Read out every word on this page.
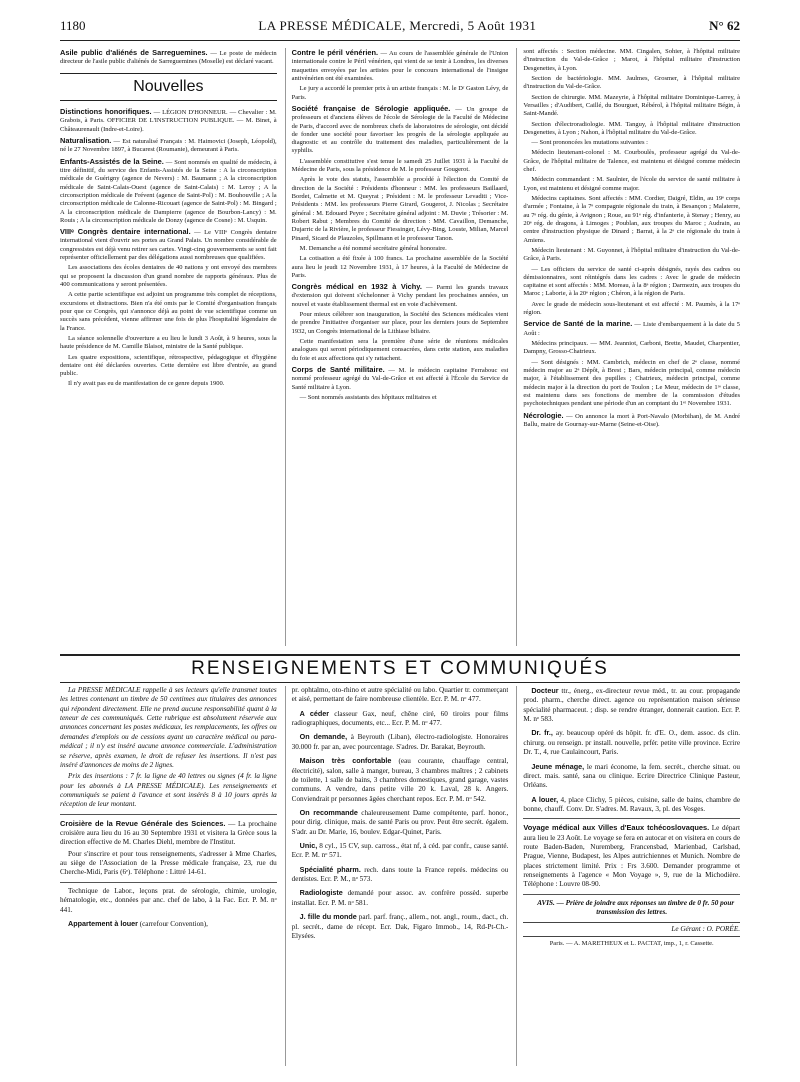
1180	LA PRESSE MÉDICALE, Mercredi, 5 Août 1931	N° 62

Asile public d'aliénés de Sarreguemines. — Le poste de médecin directeur de l'asile public d'aliénés de Sarreguemines (Moselle) est déclaré vacant.

Nouvelles

Distinctions honorifiques. — LÉGION D'HONNEUR. — Chevalier : M. Grabois, à Paris. OFFICIER DE L'INSTRUCTION PUBLIQUE. — M. Binet, à Châteaurenault (Indre-et-Loire).

Naturalisation. — Est naturalisé Français : M. Haimovici (Joseph, Léopold), né le 27 Novembre 1897, à Bucarest (Roumanie), demeurant à Paris.

Enfants-Assistés de la Seine. — Sont nommés en qualité de médecin, à titre définitif, du service des Enfants-Assistés de la Seine : A la circonscription médicale de Guérigny (agence de Nevers) : M. Baumann ; A la circonscription médicale de Saint-Calais-Ouest (agence de Saint-Calais) : M. Leroy ; A la circonscription médicale de Frévent (agence de Saint-Pol) : M. Bouhouville ; A la circonscription médicale de Calonne-Ricouart (agence de Saint-Pol) : M. Bingard ; A la circonscription médicale de Dampierre (agence de Bourbon-Lancy) : M. Rouis ; A la circonscription médicale de Donzy (agence de Cosne) : M. Usquin.

VIIIᵉ Congrès dentaire international. — Le VIIIᵉ Congrès dentaire international vient d'ouvrir ses portes au Grand Palais. Un nombre considérable de congressistes est déjà venu retirer ses cartes. Vingt-cinq gouvernements se sont fait représenter officiellement par des délégations aussi nombreuses que qualifiées.

Les associations des écoles dentaires de 40 nations y ont envoyé des membres qui se proposent la discussion d'un grand nombre de rapports généraux. Plus de 400 communications y seront présentées.

A cette partie scientifique est adjoint un programme très complet de réceptions, excursions et distractions. Bien n'a été omis par le Comité d'organisation français pour que ce Congrès, qui s'annonce déjà au point de vue scientifique comme un succès sans précédent, vienne affirmer une fois de plus l'hospitalité légendaire de la France.

La séance solennelle d'ouverture a eu lieu le lundi 3 Août, à 9 heures, sous la haute présidence de M. Camille Blaisot, ministre de la Santé publique.

Les quatre expositions, scientifique, rétrospective, pédagogique et d'hygiène dentaire ont été déclarées ouvertes. Cette dernière est libre d'entrée, au grand public.

Il n'y avait pas eu de manifestation de ce genre depuis 1900.

Contre le péril vénérien. — Au cours de l'assemblée générale de l'Union internationale contre le Péril vénérien, qui vient de se tenir à Londres, les diverses maquettes envoyées par les artistes pour le concours international de l'insigne antivénérien ont été examinées.

Le jury a accordé le premier prix à un artiste français : M. le Dʳ Gaston Lévy, de Paris.

Société française de Sérologie appliquée. — Un groupe de professeurs et d'anciens élèves de l'école de Sérologie de la Faculté de Médecine de Paris, d'accord avec de nombreux chefs de laboratoires de sérologie, ont décidé de fonder une société pour favoriser les progrès de la sérologie appliquée au diagnostic et au contrôle du traitement des maladies, particulièrement de la syphilis.

L'assemblée constitutive s'est tenue le samedi 25 Juillet 1931 à la Faculté de Médecine de Paris, sous la présidence de M. le professeur Gougerot.

Après le vote des statuts, l'assemblée a procédé à l'élection du Comité de direction de la Société : Présidents d'honneur : MM. les professeurs Baillaard, Bordet, Calmette et M. Queyrat ; Président : M. le professeur Levaditi ; Vice-Présidents : MM. les professeurs Pierre Girard, Gougerot, J. Nicolas ; Secrétaire général : M. Edouard Peyre ; Secrétaire général adjoint : M. Duvie ; Trésorier : M. Robert Rabut ; Membres du Comité de direction : MM. Cavaillon, Demanche, Dujarric de la Rivière, le professeur Fiessinger, Lévy-Bing, Louste, Milian, Marcel Pinard, Sicard de Plauzoles, Spillmann et le professeur Tanon.

M. Demanche a été nommé secrétaire général honoraire.

La cotisation a été fixée à 100 francs. La prochaine assemblée de la Société aura lieu le jeudi 12 Novembre 1931, à 17 heures, à la Faculté de Médecine de Paris.

Congrès médical en 1932 à Vichy. — Parmi les grands travaux d'extension qui doivent s'échelonner à Vichy pendant les prochaines années, un nouvel et vaste établissement thermal est en voie d'achèvement.

Pour mieux célébrer son inauguration, la Société des Sciences médicales vient de prendre l'initiative d'organiser sur place, pour les derniers jours de Septembre 1932, un Congrès international de la Lithiase biliaire.

Cette manifestation sera la première d'une série de réunions médicales analogues qui seront périodiquement consacrées, dans cette station, aux maladies du foie et aux affections qui s'y rattachent.

Corps de Santé militaire. — M. le médecin capitaine Ferrabouc est nommé professeur agrégé du Val-de-Grâce et est affecté à l'École du Service de Santé militaire à Lyon.

— Sont nommés assistants des hôpitaux militaires et

sont affectés : Section médecine. MM. Cingalen, Sohier, à l'hôpital militaire d'instruction du Val-de-Grâce ; Marot, à l'hôpital militaire d'instruction Desgenettes, à Lyon.

Section de bactériologie. MM. Jaulmes, Grosmer, à l'hôpital militaire d'instruction du Val-de-Grâce.

Section de chirurgie. MM. Mazeyrie, à l'hôpital militaire Dominique-Larrey, à Versailles ; d'Audibert, Caillé, du Bourguet, Rébérol, à l'hôpital militaire Bégin, à Saint-Mandé.

Section d'électroradiologie. MM. Tanguy, à l'hôpital militaire d'instruction Desgenettes, à Lyon ; Nahon, à l'hôpital militaire du Val-de-Grâce.

— Sont prononcées les mutations suivantes :

Médecin lieutenant-colonel : M. Courboulès, professeur agrégé du Val-de-Grâce, de l'hôpital militaire de Talence, est maintenu et désigné comme médecin chef.

Médecin commandant : M. Saulnier, de l'école du service de santé militaire à Lyon, est maintenu et désigné comme major.

Médecins capitaines. Sont affectés : MM. Cordier, Daigré, Eldin, au 19ᵉ corps d'armée ; Fontaine, à la 7ᵉ compagnie régionale du train, à Besançon ; Malaterre, au 7ᵉ rég. du génie, à Avignon ; Roue, au 91ᵉ rég. d'infanterie, à Stenay ; Henry, au 20ᵉ rég. de dragons, à Limoges ; Poublan, aux troupes du Maroc ; Audrain, au centre d'instruction physique de Dinard ; Barrat, à la 2ᵉ cie régionale du train à Amiens.

Médecin lieutenant : M. Guyonnet, à l'hôpital militaire d'instruction du Val-de-Grâce, à Paris.

— Les officiers du service de santé ci-après désignés, rayés des cadres ou démissionnaires, sont réintégrés dans les cadres : Avec le grade de médecin capitaine et sont affectés : MM. Moreau, à la 8ᵉ région ; Darmezin, aux troupes du Maroc ; Laborie, à la 20ᵉ région ; Chéron, à la région de Paris.

Avec le grade de médecin sous-lieutenant et est affecté : M. Paumès, à la 17ᵉ région.

Service de Santé de la marine. — Liste d'embarquement à la date du 5 Août :

Médecins principaux. — MM. Jeanniot, Carboni, Brette, Maudet, Charpentier, Dampny, Grosso-Chatrieux.

— Sont désignés : MM. Cambrich, médecin en chef de 2ᵉ classe, nommé médecin major au 2ᵉ Dépôt, à Brest ; Bars, médecin principal, comme médecin major, à l'établissement des pupilles ; Chatrieux, médecin principal, comme médecin major à la direction du port de Toulon ; Le Meur, médecin de 1ʳᵉ classe, est maintenu dans ses fonctions de membre de la commission d'études psychotechniques pendant une période d'un an comptant du 1ᵉʳ Novembre 1931.

Nécrologie. — On annonce la mort à Port-Navalo (Morbihan), de M. André Ballu, maire de Gournay-sur-Marne (Seine-et-Oise).

RENSEIGNEMENTS ET COMMUNIQUÉS

La PRESSE MÉDICALE rappelle à ses lecteurs qu'elle transmet toutes les lettres contenant un timbre de 50 centimes aux titulaires des annonces qui répondent directement. Elle ne prend aucune responsabilité quant à la teneur de ces communiqués. Cette rubrique est absolument réservée aux annonces concernant les postes médicaux, les remplacements, les offres ou demandes d'emplois ou de cessions ayant un caractère médical ou para-médical ; il n'y est inséré aucune annonce commerciale. L'administration se réserve, après examen, le droit de refuser les insertions. Il n'est pas inséré d'annonces de moins de 2 lignes.

Prix des insertions : 7 fr. la ligne de 40 lettres ou signes (4 fr. la ligne pour les abonnés à LA PRESSE MÉDICALE). Les renseignements et communiqués se paient à l'avance et sont insérés 8 à 10 jours après la réception de leur montant.

Croisière de la Revue Générale des Sciences. — La prochaine croisière aura lieu du 16 au 30 Septembre 1931 et visitera la Grèce sous la direction effective de M. Charles Diehl, membre de l'Institut.

Pour s'inscrire et pour tous renseignements, s'adresser à Mme Charles, au siège de l'Association de la Presse médicale française, 23, rue du Cherche-Midi, Paris (6ᵉ). Téléphone : Littré 14-61.

Technique de Labor., leçons prat. de sérologie, chimie, urologie, hématologie, etc., données par anc. chef de labo, à la Fac. Ecr. P. M. nᵒ 441.

Appartement à louer (carrefour Convention),

pr. ophtalmo, oto-rhino et autre spécialité ou labo. Quartier tr. commerçant et aisé, permettant de faire nombreuse clientèle. Ecr. P. M. nᵒ 477.

A céder classeur Gax, neuf, chêne ciré, 60 tiroirs pour films radiographiques, documents, etc... Ecr. P. M. nᵒ 477.

On demande, à Beyrouth (Liban), électro-radiologiste. Honoraires 30.000 fr. par an, avec pourcentage. S'adres. Dr. Barakat, Beyrouth.

Maison très confortable (eau courante, chauffage central, électricité), salon, salle à manger, bureau, 3 chambres maîtres ; 2 cabinets de toilette, 1 salle de bains, 3 chambres domestiques, grand garage, vastes communs. A vendre, dans petite ville 20 k. Laval, 28 k. Angers. Conviendrait pr personnes âgées cherchant repos. Ecr. P. M. nᵒ 542.

On recommande chaleureusement Dame compétente, parf. honor., pour dirig. clinique, mais. de santé Paris ou prov. Peut être secrét. égalem. S'adr. au Dr. Marie, 16, boulev. Edgar-Quinet, Paris.

Unic, 8 cyl., 15 CV, sup. carross., état nf, à céd. par confr., cause santé. Ecr. P. M. nᵒ 571.

Spécialité pharm. rech. dans toute la France représ. médecins ou dentistes. Ecr. P. M., nᵒ 573.

Radiologiste demandé pour assoc. av. confrère possèd. superbe installat. Ecr. P. M. nᵒ 581.

J. fille du monde parl. parf. franç., allem., not. angl., roum., dact., ch. pl. secrét., dame de récept. Ecr. Dak, Figaro Immob., 14, Rd-Pt-Ch.-Elysées.

Docteur ttr., énerg., ex-directeur revue méd., tr. au cour. propagande prod. pharm., cherche direct. agence ou représentation maison sérieuse spécialité pharmaceut. ; disp. se rendre étranger, donnerait caution. Ecr. P. M. nᵒ 583.

Dr. fr., ay. beaucoup opéré ds hôpit. fr. d'E. O., dem. assoc. ds clin. chirurg. ou renseign. pr install. nouvelle, prfér. petite ville province. Ecrire Dr. T., 4, rue Caulaincourt, Paris.

Jeune ménage, le mari économe, la fem. secrét., cherche situat. ou direct. mais. santé, sana ou clinique. Ecrire Directrice Clinique Pasteur, Orléans.

A louer, 4, place Clichy, 5 pièces, cuisine, salle de bains, chambre de bonne, chauff. Conv. Dr. S'adres. M. Ravaux, 3, pl. des Vosges.

Voyage médical aux Villes d'Eaux tchécoslovaques. Le départ aura lieu le 23 Août. Le voyage se fera en autocar et on visitera en cours de route Baden-Baden, Nuremberg, Francensbad, Marienbad, Carlsbad, Prague, Vienne, Budapest, les Alpes autrichiennes et Munich. Nombre de places strictement limité. Prix : Frs 3.600. Demander programme et renseignements à l'agence « Mon Voyage », 9, rue de la Michodière. Téléphone : Louvre 08-90.

AVIS. — Prière de joindre aux réponses un timbre de 0 fr. 50 pour transmission des lettres.

Le Gérant : O. PORÉE.
Paris. — A. MARETHEUX et L. PACTAT, imp., 1, r. Cassette.
